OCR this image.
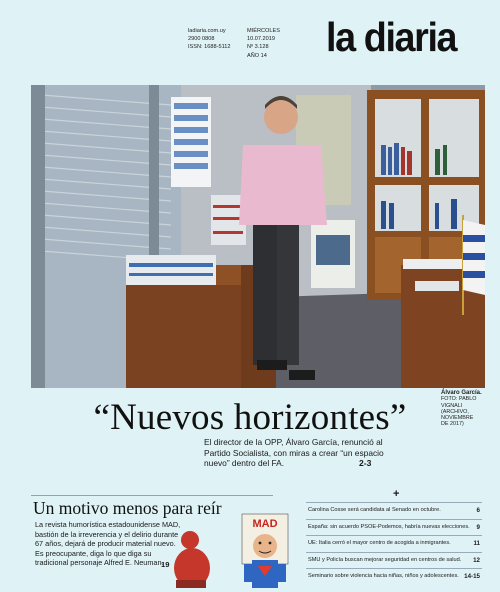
ladiaria.com.uy
2900 0808
ISSN: 1688-5112
MIÉRCOLES
10.07.2019
Nº 3.128
AÑO 14	la diaria
Álvaro García.
FOTO: PABLO VIGNALI
(ARCHIVO, NOVIEMBRE
DE 2017)
“Nuevos horizontes”
El director de la OPP, Álvaro García, renunció al Partido Socialista, con miras a crear “un espacio nuevo” dentro del FA.	2-3
Un motivo menos para reír
La revista humorística estadounidense MAD, bastión de la irreverencia y el delirio durante 67 años, dejará de producir material nuevo. Es preocupante, diga lo que diga su tradicional personaje Alfred E. Neuman.
19
MAD
+
Carolina Cosse será candidata al Senado en octubre.	6
España: sin acuerdo PSOE-Podemos, habría nuevas elecciones. 9
UE: Italia cerró el mayor centro de acogida a inmigrantes.	11
SMU y Policía buscan mejorar seguridad en centros de salud. 12
Seminario sobre violencia hacia niñas, niños y adolescentes. 14-15
